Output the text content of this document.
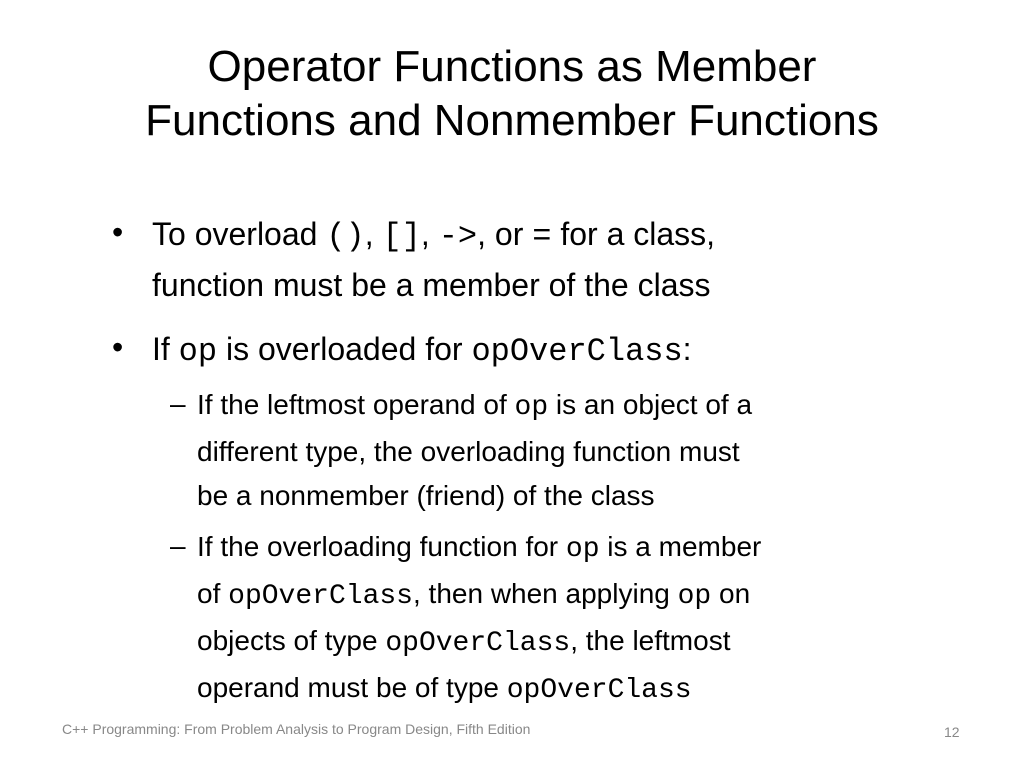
Operator Functions as Member
Functions and Nonmember Functions
• To overload (), [], ->, or = for a class,
function must be a member of the class
• If op is overloaded for opOverClass:
– If the leftmost operand of op is an object of a
different type, the overloading function must
be a nonmember (friend) of the class
– If the overloading function for op is a member
of opOverClass, then when applying op on
objects of type opOverClass, the leftmost
operand must be of type opOverClass
C++ Programming: From Problem Analysis to Program Design, Fifth Edition	12
